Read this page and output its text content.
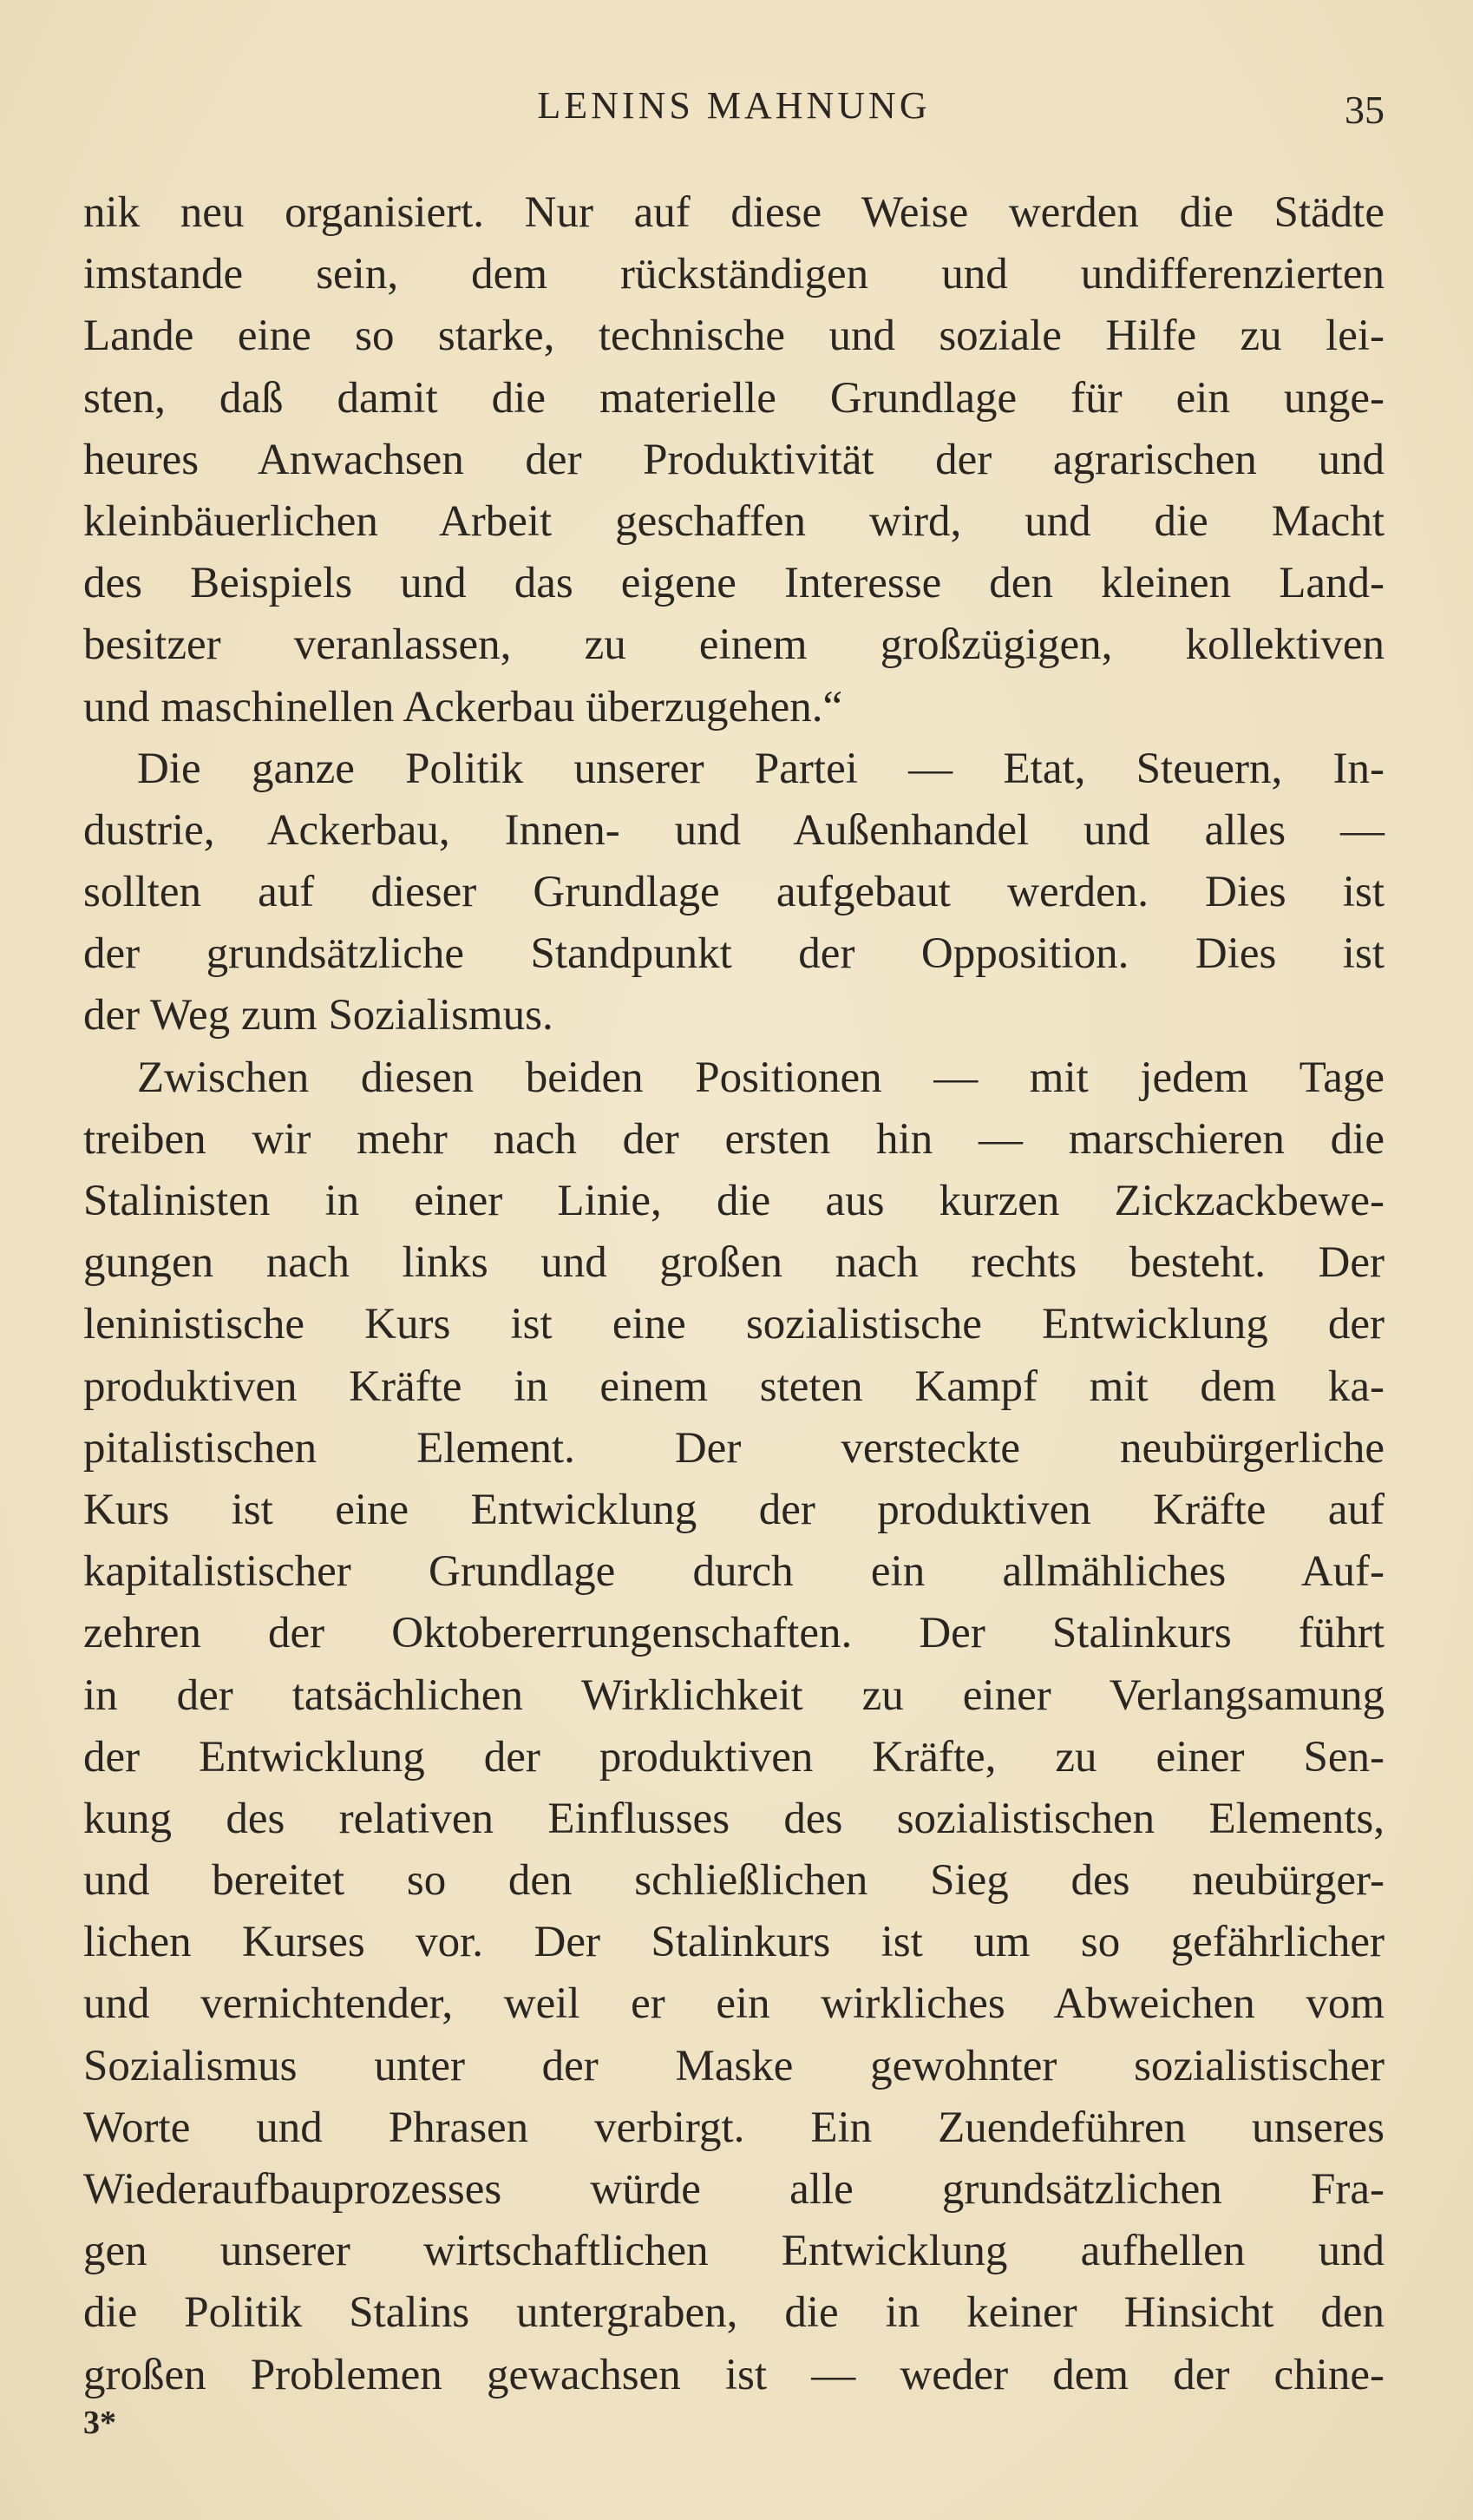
LENINS MAHNUNG	35
nik neu organisiert. Nur auf diese Weise werden die Städte
imstande sein, dem rückständigen und undifferenzierten
Lande eine so starke, technische und soziale Hilfe zu lei-
sten, daß damit die materielle Grundlage für ein unge-
heures Anwachsen der Produktivität der agrarischen und
kleinbäuerlichen Arbeit geschaffen wird, und die Macht
des Beispiels und das eigene Interesse den kleinen Land-
besitzer veranlassen, zu einem großzügigen, kollektiven
und maschinellen Ackerbau überzugehen.“
Die ganze Politik unserer Partei — Etat, Steuern, In-
dustrie, Ackerbau, Innen- und Außenhandel und alles —
sollten auf dieser Grundlage aufgebaut werden. Dies ist
der grundsätzliche Standpunkt der Opposition. Dies ist
der Weg zum Sozialismus.
Zwischen diesen beiden Positionen — mit jedem Tage
treiben wir mehr nach der ersten hin — marschieren die
Stalinisten in einer Linie, die aus kurzen Zickzackbewe-
gungen nach links und großen nach rechts besteht. Der
leninistische Kurs ist eine sozialistische Entwicklung der
produktiven Kräfte in einem steten Kampf mit dem ka-
pitalistischen Element. Der versteckte neubürgerliche
Kurs ist eine Entwicklung der produktiven Kräfte auf
kapitalistischer Grundlage durch ein allmähliches Auf-
zehren der Oktobererrungenschaften. Der Stalinkurs führt
in der tatsächlichen Wirklichkeit zu einer Verlangsamung
der Entwicklung der produktiven Kräfte, zu einer Sen-
kung des relativen Einflusses des sozialistischen Elements,
und bereitet so den schließlichen Sieg des neubürger-
lichen Kurses vor. Der Stalinkurs ist um so gefährlicher
und vernichtender, weil er ein wirkliches Abweichen vom
Sozialismus unter der Maske gewohnter sozialistischer
Worte und Phrasen verbirgt. Ein Zuendeführen unseres
Wiederaufbauprozesses würde alle grundsätzlichen Fra-
gen unserer wirtschaftlichen Entwicklung aufhellen und
die Politik Stalins untergraben, die in keiner Hinsicht den
großen Problemen gewachsen ist — weder dem der chine-
3*
